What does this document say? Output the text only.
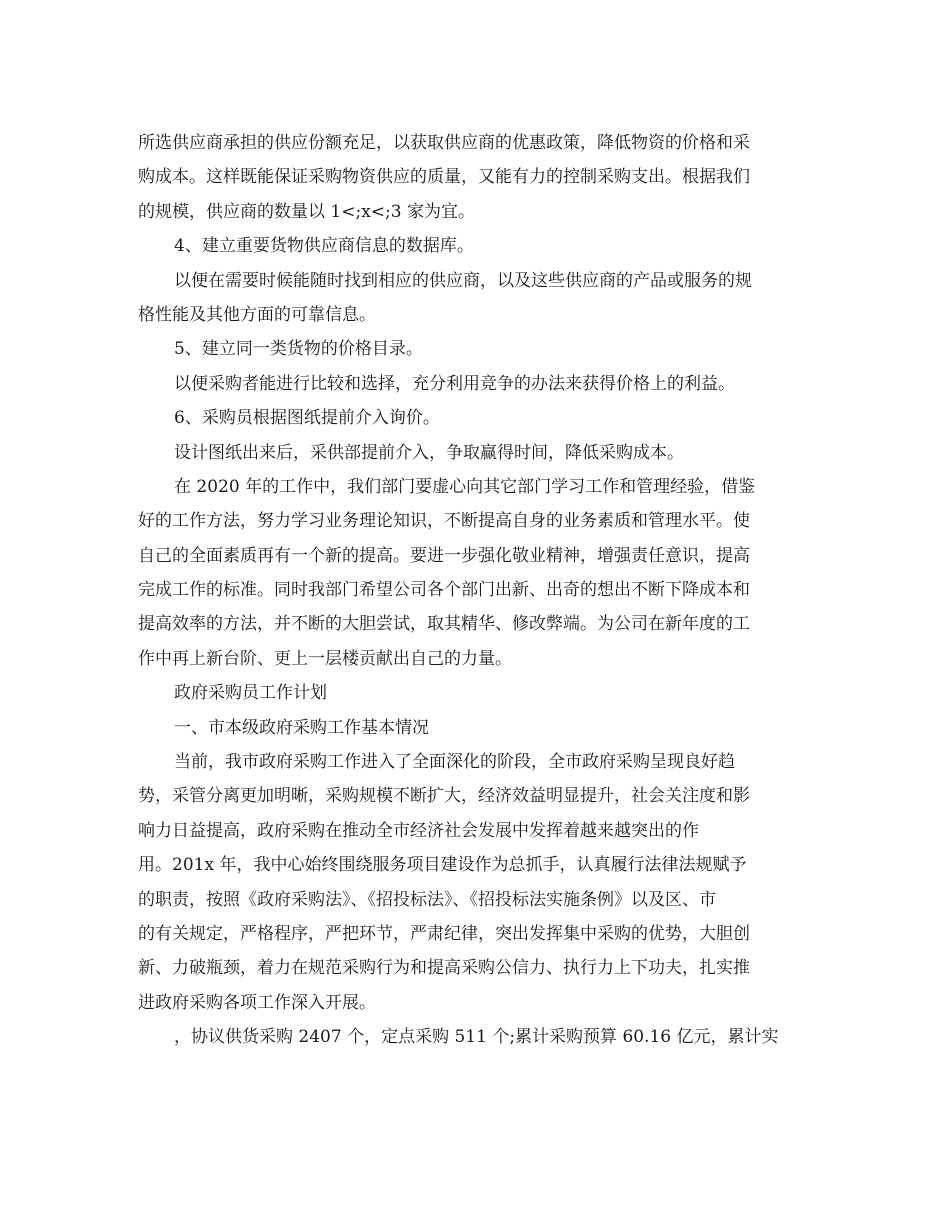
所选供应商承担的供应份额充足，以获取供应商的优惠政策，降低物资的价格和采
购成本。这样既能保证采购物资供应的质量，又能有力的控制采购支出。根据我们
的规模，供应商的数量以 1<;x<;3 家为宜。
4、建立重要货物供应商信息的数据库。
以便在需要时候能随时找到相应的供应商，以及这些供应商的产品或服务的规
格性能及其他方面的可靠信息。
5、建立同一类货物的价格目录。
以便采购者能进行比较和选择，充分利用竞争的办法来获得价格上的利益。
6、采购员根据图纸提前介入询价。
设计图纸出来后，采供部提前介入，争取赢得时间，降低采购成本。
在 2020 年的工作中，我们部门要虚心向其它部门学习工作和管理经验，借鉴
好的工作方法，努力学习业务理论知识，不断提高自身的业务素质和管理水平。使
自己的全面素质再有一个新的提高。要进一步强化敬业精神，增强责任意识，提高
完成工作的标准。同时我部门希望公司各个部门出新、出奇的想出不断下降成本和
提高效率的方法，并不断的大胆尝试，取其精华、修改弊端。为公司在新年度的工
作中再上新台阶、更上一层楼贡献出自己的力量。
政府采购员工作计划
一、市本级政府采购工作基本情况
当前，我市政府采购工作进入了全面深化的阶段，全市政府采购呈现良好趋
势，采管分离更加明晰，采购规模不断扩大，经济效益明显提升，社会关注度和影
响力日益提高，政府采购在推动全市经济社会发展中发挥着越来越突出的作
用。201x 年，我中心始终围绕服务项目建设作为总抓手，认真履行法律法规赋予
的职责，按照《政府采购法》、《招投标法》、《招投标法实施条例》以及区、市
的有关规定，严格程序，严把环节，严肃纪律，突出发挥集中采购的优势，大胆创
新、力破瓶颈，着力在规范采购行为和提高采购公信力、执行力上下功夫，扎实推
进政府采购各项工作深入开展。
，协议供货采购 2407 个，定点采购 511 个;累计采购预算 60.16 亿元，累计实
